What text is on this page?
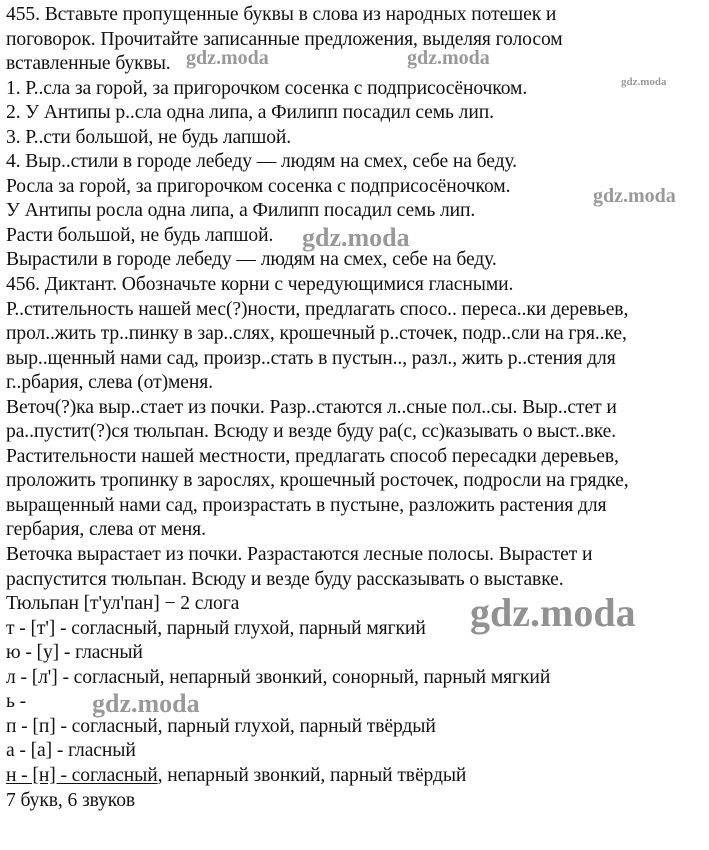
455. Вставьте пропущенные буквы в слова из народных потешек и
поговорок. Прочитайте записанные предложения, выделяя голосом
вставленные буквы.
1. Р..сла за горой, за пригорочком сосенка с подприсосёночком.
2. У Антипы р..сла одна липа, а Филипп посадил семь лип.
3. Р..сти большой, не будь лапшой.
4. Выр..стили в городе лебеду — людям на смех, себе на беду.
Росла за горой, за пригорочком сосенка с подприсосёночком.
У Антипы росла одна липа, а Филипп посадил семь лип.
Расти большой, не будь лапшой.
Вырастили в городе лебеду — людям на смех, себе на беду.
456. Диктант. Обозначьте корни с чередующимися гласными.
Р..стительность нашей мес(?)ности, предлагать спосо.. переса..ки деревьев,
прол..жить тр..пинку в зар..слях, крошечный р..сточек, подр..сли на гря..ке,
выр..щенный нами сад, произр..стать в пустын.., разл., жить р..стения для
г..рбария, слева (от)меня.
Веточ(?)ка выр..стает из почки. Разр..стаются л..сные пол..сы. Выр..стет и
ра..пустит(?)ся тюльпан. Всюду и везде буду ра(с, сс)казывать о выст..вке.
Растительности нашей местности, предлагать способ пересадки деревьев,
проложить тропинку в зарослях, крошечный росточек, подросли на грядке,
выращенный нами сад, произрастать в пустыне, разложить растения для
гербария, слева от меня.
Веточка вырастает из почки. Разрастаются лесные полосы. Вырастет и
распустится тюльпан. Всюду и везде буду рассказывать о выставке.
Тюльпан [т'ул'пан] − 2 слога
т - [т'] - согласный, парный глухой, парный мягкий
ю - [у] - гласный
л - [л'] - согласный, непарный звонкий, сонорный, парный мягкий
ь -
п - [п] - согласный, парный глухой, парный твёрдый
а - [а] - гласный
н - [н] - согласный, непарный звонкий, парный твёрдый
7 букв, 6 звуков
gdz.moda	gdz.moda
gdz.moda
gdz.moda
gdz.moda
gdz.moda
gdz.moda
